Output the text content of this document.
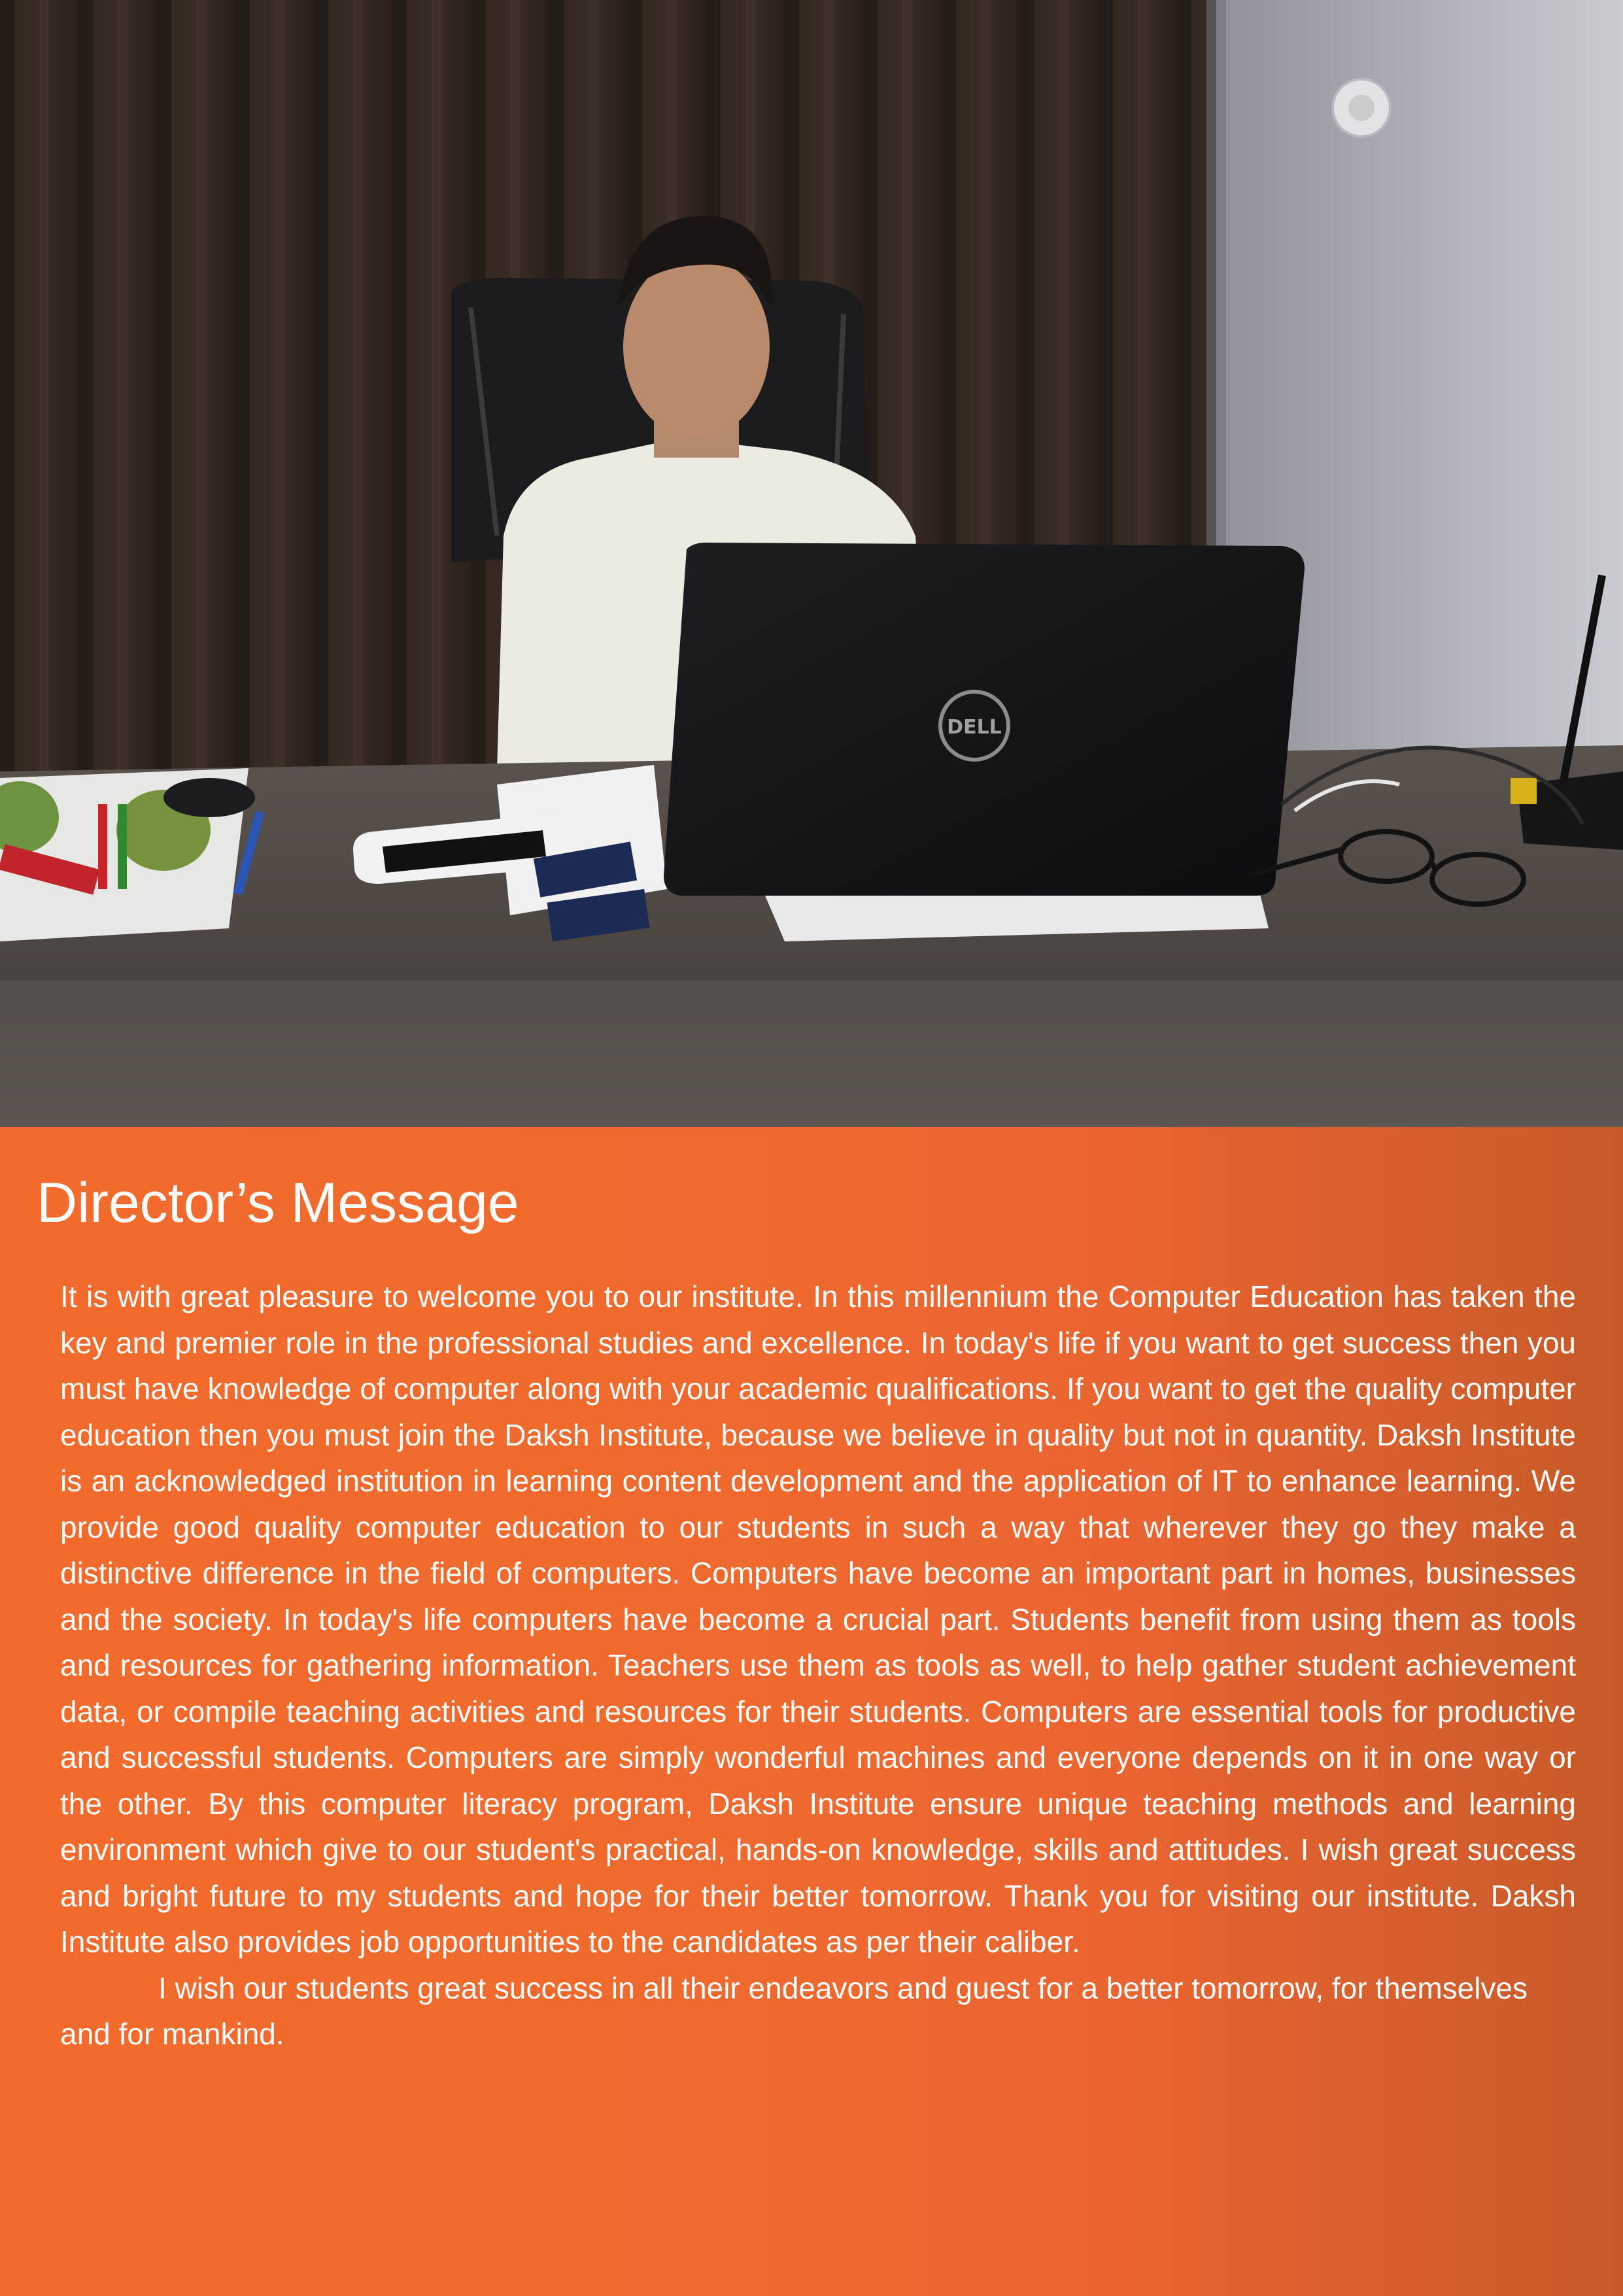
DELL
Director’s Message

It is with great pleasure to welcome you to our institute. In this millennium the Computer Education has taken the key and premier role in the professional studies and excellence. In today's life if you want to get success then you must have knowledge of computer along with your academic qualifications. If you want to get the quality computer education then you must join the Daksh Institute, because we believe in quality but not in quantity. Daksh Institute is an acknowledged institution in learning content development and the application of IT to enhance learning. We provide good quality computer education to our students in such a way that wherever they go they make a distinctive difference in the field of computers. Computers have become an important part in homes, businesses and the society. In today's life computers have become a crucial part. Students benefit from using them as tools and resources for gathering information. Teachers use them as tools as well, to help gather student achievement data, or compile teaching activities and resources for their students. Computers are essential tools for productive and successful students. Computers are simply wonderful machines and everyone depends on it in one way or the other. By this computer literacy program, Daksh Institute ensure unique teaching methods and learning environment which give to our student's practical, hands-on knowledge, skills and attitudes. I wish great success and bright future to my students and hope for their better tomorrow. Thank you for visiting our institute. Daksh Institute also provides job opportunities to the candidates as per their caliber.

I wish our students great success in all their endeavors and guest for a better tomorrow, for themselves and for mankind.
